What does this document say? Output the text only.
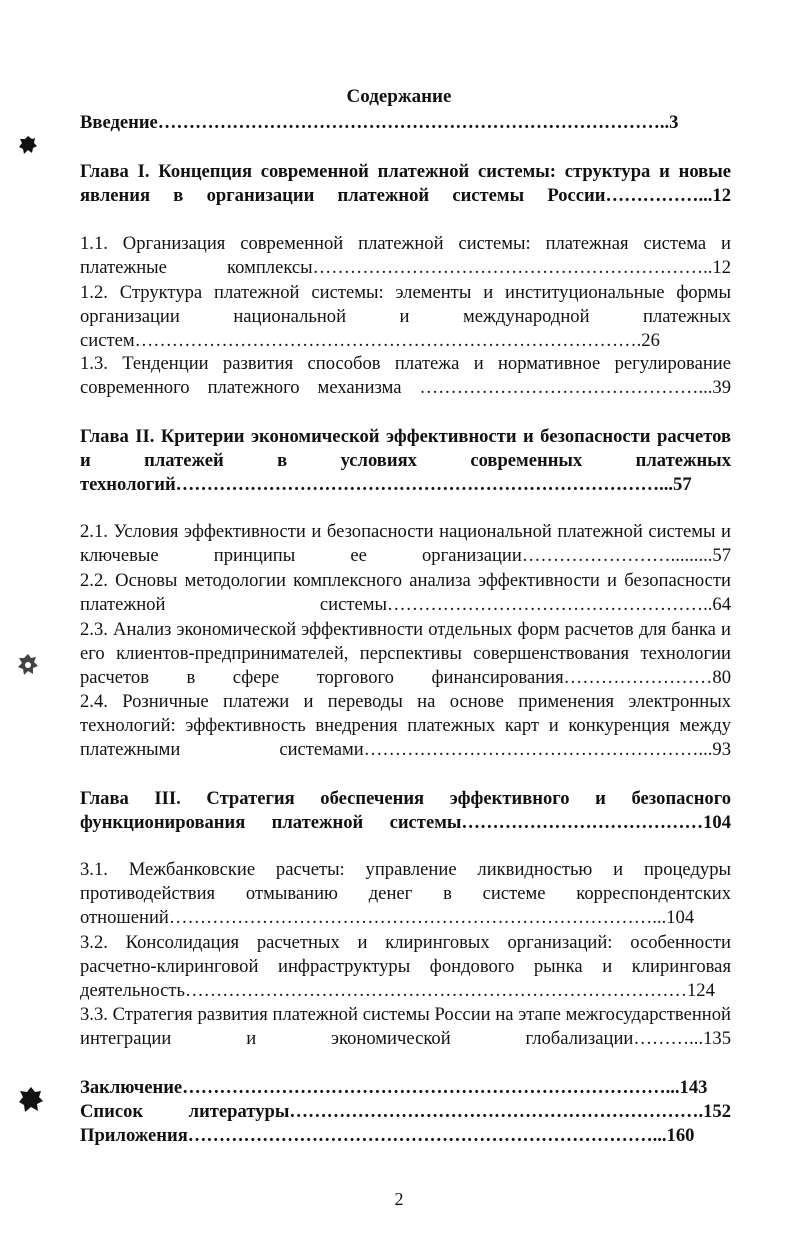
Содержание
Введение………………………………………………………………………..3
Глава I. Концепция современной платежной системы: структура и новые явления в организации платежной системы России……………...12
1.1. Организация современной платежной системы: платежная система и платежные комплексы………………………………………………………..12
1.2. Структура платежной системы: элементы и институциональные формы организации национальной и международной платежных систем……………………………………………………………………….26
1.3. Тенденции развития способов платежа и нормативное регулирование современного платежного механизма ………………………………………...39
Глава II. Критерии экономической эффективности и безопасности расчетов и платежей в условиях современных платежных технологий……………………………………………………………………...57
2.1. Условия эффективности и безопасности национальной платежной системы и ключевые принципы ее организации…………………….........57
2.2. Основы методологии комплексного анализа эффективности и безопасности платежной системы……………………………………………..64
2.3. Анализ экономической эффективности отдельных форм расчетов для банка и его клиентов-предпринимателей, перспективы совершенствования технологии расчетов в сфере торгового финансирования……………………80
2.4. Розничные платежи и переводы на основе применения электронных технологий: эффективность внедрения платежных карт и конкуренция между платежными системами………………………………………………...93
Глава III. Стратегия обеспечения эффективного и безопасного функционирования платежной системы…………………………………104
3.1. Межбанковские расчеты: управление ликвидностью и процедуры противодействия отмыванию денег в системе корреспондентских отношений……………………………………………………………………...104
3.2. Консолидация расчетных и клиринговых организаций: особенности расчетно-клиринговой инфраструктуры фондового рынка и клиринговая деятельность………………………………………………………………………124
3.3. Стратегия развития платежной системы России на этапе межгосударственной интеграции и экономической глобализации………...135
Заключение……………………………………………………………………...143
Список литературы………………………………………………………….152
Приложения…………………………………………………………………...160
2
